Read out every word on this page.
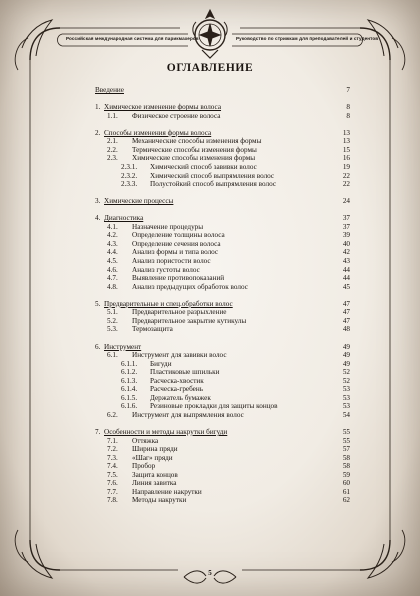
Российская международная система для парикмахеров	Руководство по стрижкам для преподавателей и студентов
ОГЛАВЛЕНИЕ
Введение	7
1. Химическое изменение формы волоса	8
1.1. Физическое строение волоса	8
2. Способы изменения формы волоса	13
2.1. Механические способы изменения формы	13
2.2. Термические способы изменения формы	15
2.3. Химические способы изменения формы	16
2.3.1. Химический способ завивки волос	19
2.3.2. Химический способ выпрямления волос	22
2.3.3. Полустойкий способ выпрямления волос	22
3. Химические процессы	24
4. Диагностика	37
4.1. Назначение процедуры	37
4.2. Определение толщины волоса	39
4.3. Определение сечения волоса	40
4.4. Анализ формы и типа волос	42
4.5. Анализ пористости волос	43
4.6. Анализ густоты волос	44
4.7. Выявление противопоказаний	44
4.8. Анализ предыдущих обработок волос	45
5. Предварительные и спец.обработки волос	47
5.1. Предварительное разрыхление	47
5.2. Предварительное закрытие кутикулы	47
5.3. Термозащита	48
6. Инструмент	49
6.1. Инструмент для завивки волос	49
6.1.1. Бигуди	49
6.1.2. Пластиковые шпильки	52
6.1.3. Расческа-хвостик	52
6.1.4. Расческа-гребень	53
6.1.5. Держатель бумажек	53
6.1.6. Резиновые прокладки для защиты концов	53
6.2. Инструмент для выпрямления волос	54
7. Особенности и методы накрутки бигуди	55
7.1. Оттяжка	55
7.2. Ширина пряди	57
7.3. «Шаг» пряди	58
7.4. Пробор	58
7.5. Защита концов	59
7.6. Линия завитка	60
7.7. Направление накрутки	61
7.8. Методы накрутки	62
5
